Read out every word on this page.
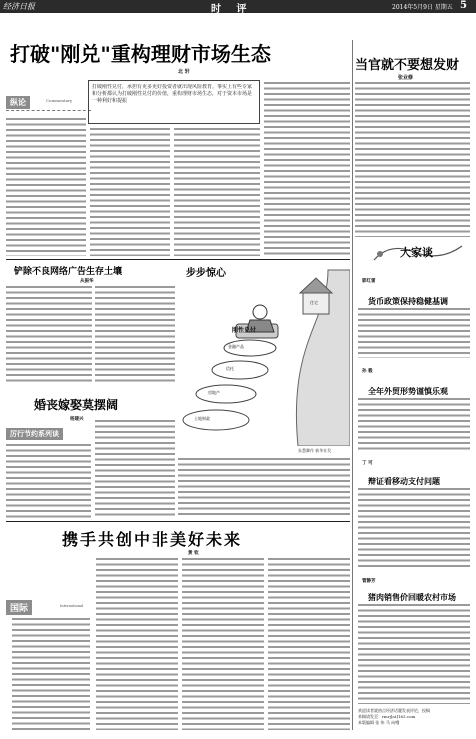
经济日报	时 评	2014年5月9日 星期五 5
打破"刚兑"重构理财市场生态
北 轩	当官就不要想发财
张业修
纵论	Commentary
打破刚性兑付，承担有更多更好投资者就出现风险教育。事实上有些专家和分析都认为打破刚性兑付的价值，重构理财市场生态，对于资本市场是一种利好和提振
铲除不良网络广告生存土壤
从振华
婚丧嫁娶莫摆阔
杨建兴
厉行节约系列谈
步步惊心
刚性兑付
金融产品
信托
房地产
土地财政
住宅
朱慧卿作 新华社发
携手共创中非美好未来
黄 钦
国际	International
大家谈
郭红雷
货币政策保持稳健基调
孙 毅
全年外贸形势谨慎乐观
丁 可
辩证看移动支付问题
管静芳
猪肉销售价回暖农村市场
欢迎读者就热点经济话题发表评论，投稿
来稿请发至：rmrj[at]163.com
本版编辑 张 伟 马 向峨
